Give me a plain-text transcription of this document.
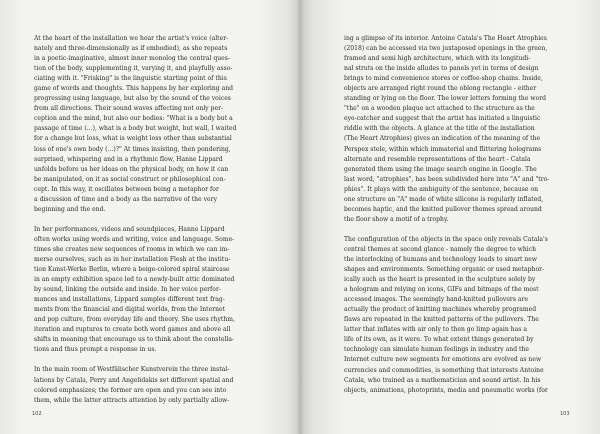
At the heart of the installation we hear the artist's voice (alter-
nately and three-dimensionally as if embodied), as she repeats
in a poetic-imaginative, almost inner monolog the central ques-
tion of the body, supplementing it, varying it, and playfully asso-
ciating with it. "Frisking" is the linguistic starting point of this
game of words and thoughts. This happens by her exploring and
progressing using language, but also by the sound of the voices
from all directions. Their sound waves affecting not only per-
ception and the mind, but also our bodies: "What is a body but a
passage of time (...), what is a body but weight, but wall, I waited
for a change but loss, what is weight loss other than substantial
loss of one's own body (...)?" At times insisting, then pondering,
surprised, whispering and in a rhythmic flow, Hanne Lippard
unfolds before us her ideas on the physical body, on how it can
be manipulated, on it as social construct or philosophical con-
cept. In this way, it oscillates between being a metaphor for
a discussion of time and a body as the narrative of the very
beginning and the end.

In her performances, videos and soundpieces, Hanne Lippard
often works using words and writing, voice and language. Some-
times she creates new sequences of rooms in which we can im-
merse ourselves, such as in her installation Flesh at the institu-
tion Kunst-Werke Berlin, where a beige-colored spiral staircase
in an empty exhibition space led to a newly-built attic dominated
by sound, linking the outside and inside. In her voice perfor-
mances and installations, Lippard samples different text frag-
ments from the financial and digital worlds, from the Internet
and pop culture, from everyday life and theory. She uses rhythm,
iteration and ruptures to create both word games and above all
shifts in meaning that encourage us to think about the constella-
tions and thus prompt a response in us.

In the main room of Westfälischer Kunstverein the three instal-
lations by Catala, Perry and Angelidakis set different spatial and
colored emphasizes; the former are open and you can see into
them, while the latter attracts attention by only partially allow-

ing a glimpse of its interior. Antoine Catala's The Heart Atrophies
(2018) can be accessed via two juxtaposed openings in the green,
framed and semi high architecture, which with its longitudi-
nal struts on the inside alludes to panels yet in terms of design
brings to mind convenience stores or coffee-shop chains. Inside,
objects are arranged right round the oblong rectangle - either
standing or lying on the floor. The lower letters forming the word
"the" on a wooden plaque act attached to the structure as the
eye-catcher and suggest that the artist has initiated a linguistic
riddle with the objects. A glance at the title of the installation
(The Heart Atrophies) gives an indication of the meaning of the
Perspex stele, within which immaterial and flittering holograms
alternate and resemble representations of the heart - Catala
generated them using the image search engine in Google. The
last word, "atrophies", has been subdivided here into "A" and "tro-
phies". It plays with the ambiguity of the sentence, because on
one structure an "A" made of white silicone is regularly inflated,
becomes haptic, and the knitted pullover themes spread around
the floor show a motif of a trophy.

The configuration of the objects in the space only reveals Catala's
central themes at second glance - namely the degree to which
the interlocking of humans and technology leads to smart new
shapes and environments. Something organic or used metaphor-
ically such as the heart is presented in the sculpture solely by
a hologram and relying on icons, GIFs and bitmaps of the most
accessed images. The seemingly hand-knitted pullovers are
actually the product of knitting machines whereby programed
flaws are repeated in the knitted patterns of the pullovers. The
latter that inflates with air only to then go limp again has a
life of its own, as it were. To what extent things generated by
technology can simulate human feelings in industry and the
Internet culture new segments for emotions are evolved as new
currencies and commodities, is something that interests Antoine
Catala, who trained as a mathematician and sound artist. In his
objects, animations, photoprints, media and pneumatic works (for

102	103
